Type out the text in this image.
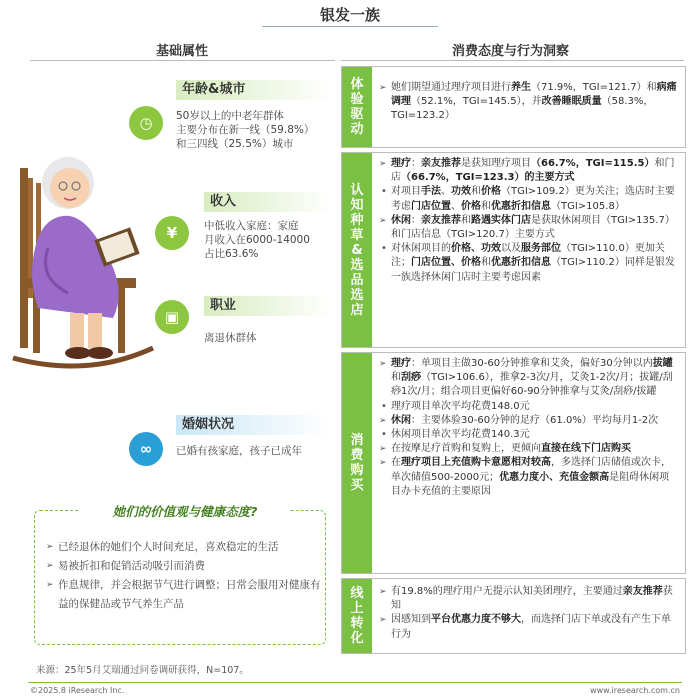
银发一族
基础属性	消费态度与行为洞察
◷
年龄&城市
50岁以上的中老年群体
主要分布在新一线（59.8%）
和三四线（25.5%）城市
¥
收入
中低收入家庭：家庭
月收入在6000-14000
占比63.6%
▣
职业
离退休群体
∞
婚姻状况
已婚有孩家庭，孩子已成年
她们的价值观与健康态度?
➢ 已经退休的她们个人时间充足，喜欢稳定的生活
➢ 易被折扣和促销活动吸引而消费
➢ 作息规律，并会根据节气进行调整；日常会服用对健康有益的保健品或节气养生产品
体验驱动
➢ 她们期望通过理疗项目进行养生（71.9%，TGI=121.7）和病痛调理（52.1%，TGI=145.5），并改善睡眠质量（58.3%，TGI=123.2）
认知种草&选品选店
➢ 理疗：亲友推荐是获知理疗项目（66.7%，TGI=115.5）和门店（66.7%，TGI=123.3）的主要方式
• 对项目手法、功效和价格（TGI>109.2）更为关注；选店时主要考虑门店位置、价格和优惠折扣信息（TGI>105.8）
➢ 休闲：亲友推荐和路遇实体门店是获取休闲项目（TGI>135.7）和门店信息（TGI>120.7）主要方式
• 对休闲项目的价格、功效以及服务部位（TGI>110.0）更加关注；门店位置、价格和优惠折扣信息（TGI>110.2）同样是银发一族选择休闲门店时主要考虑因素
消费购买
➢ 理疗：单项目主做30-60分钟推拿和艾灸，偏好30分钟以内拔罐和刮痧（TGI>106.6），推拿2-3次/月，艾灸1-2次/月；拔罐/刮痧1次/月；组合项目更偏好60-90分钟推拿与艾灸/刮痧/拔罐
• 理疗项目单次平均花费148.0元
➢ 休闲：主要体验30-60分钟的足疗（61.0%）平均每月1-2次
• 休闲项目单次平均花费140.3元
➢ 在按摩足疗首购和复购上，更倾向直接在线下门店购买
➢ 在理疗项目上充值购卡意愿相对较高，多选择门店储值或次卡，单次储值500-2000元；优惠力度小、充值金额高是阻碍休闲项目办卡充值的主要原因
线上转化
➢ 有19.8%的理疗用户无提示认知美团理疗，主要通过亲友推荐获知
➢ 因感知到平台优惠力度不够大，而选择门店下单或没有产生下单行为
来源：25年5月艾瑞通过问卷调研获得，N=107。
©2025.8 iResearch Inc.	www.iresearch.com.cn
